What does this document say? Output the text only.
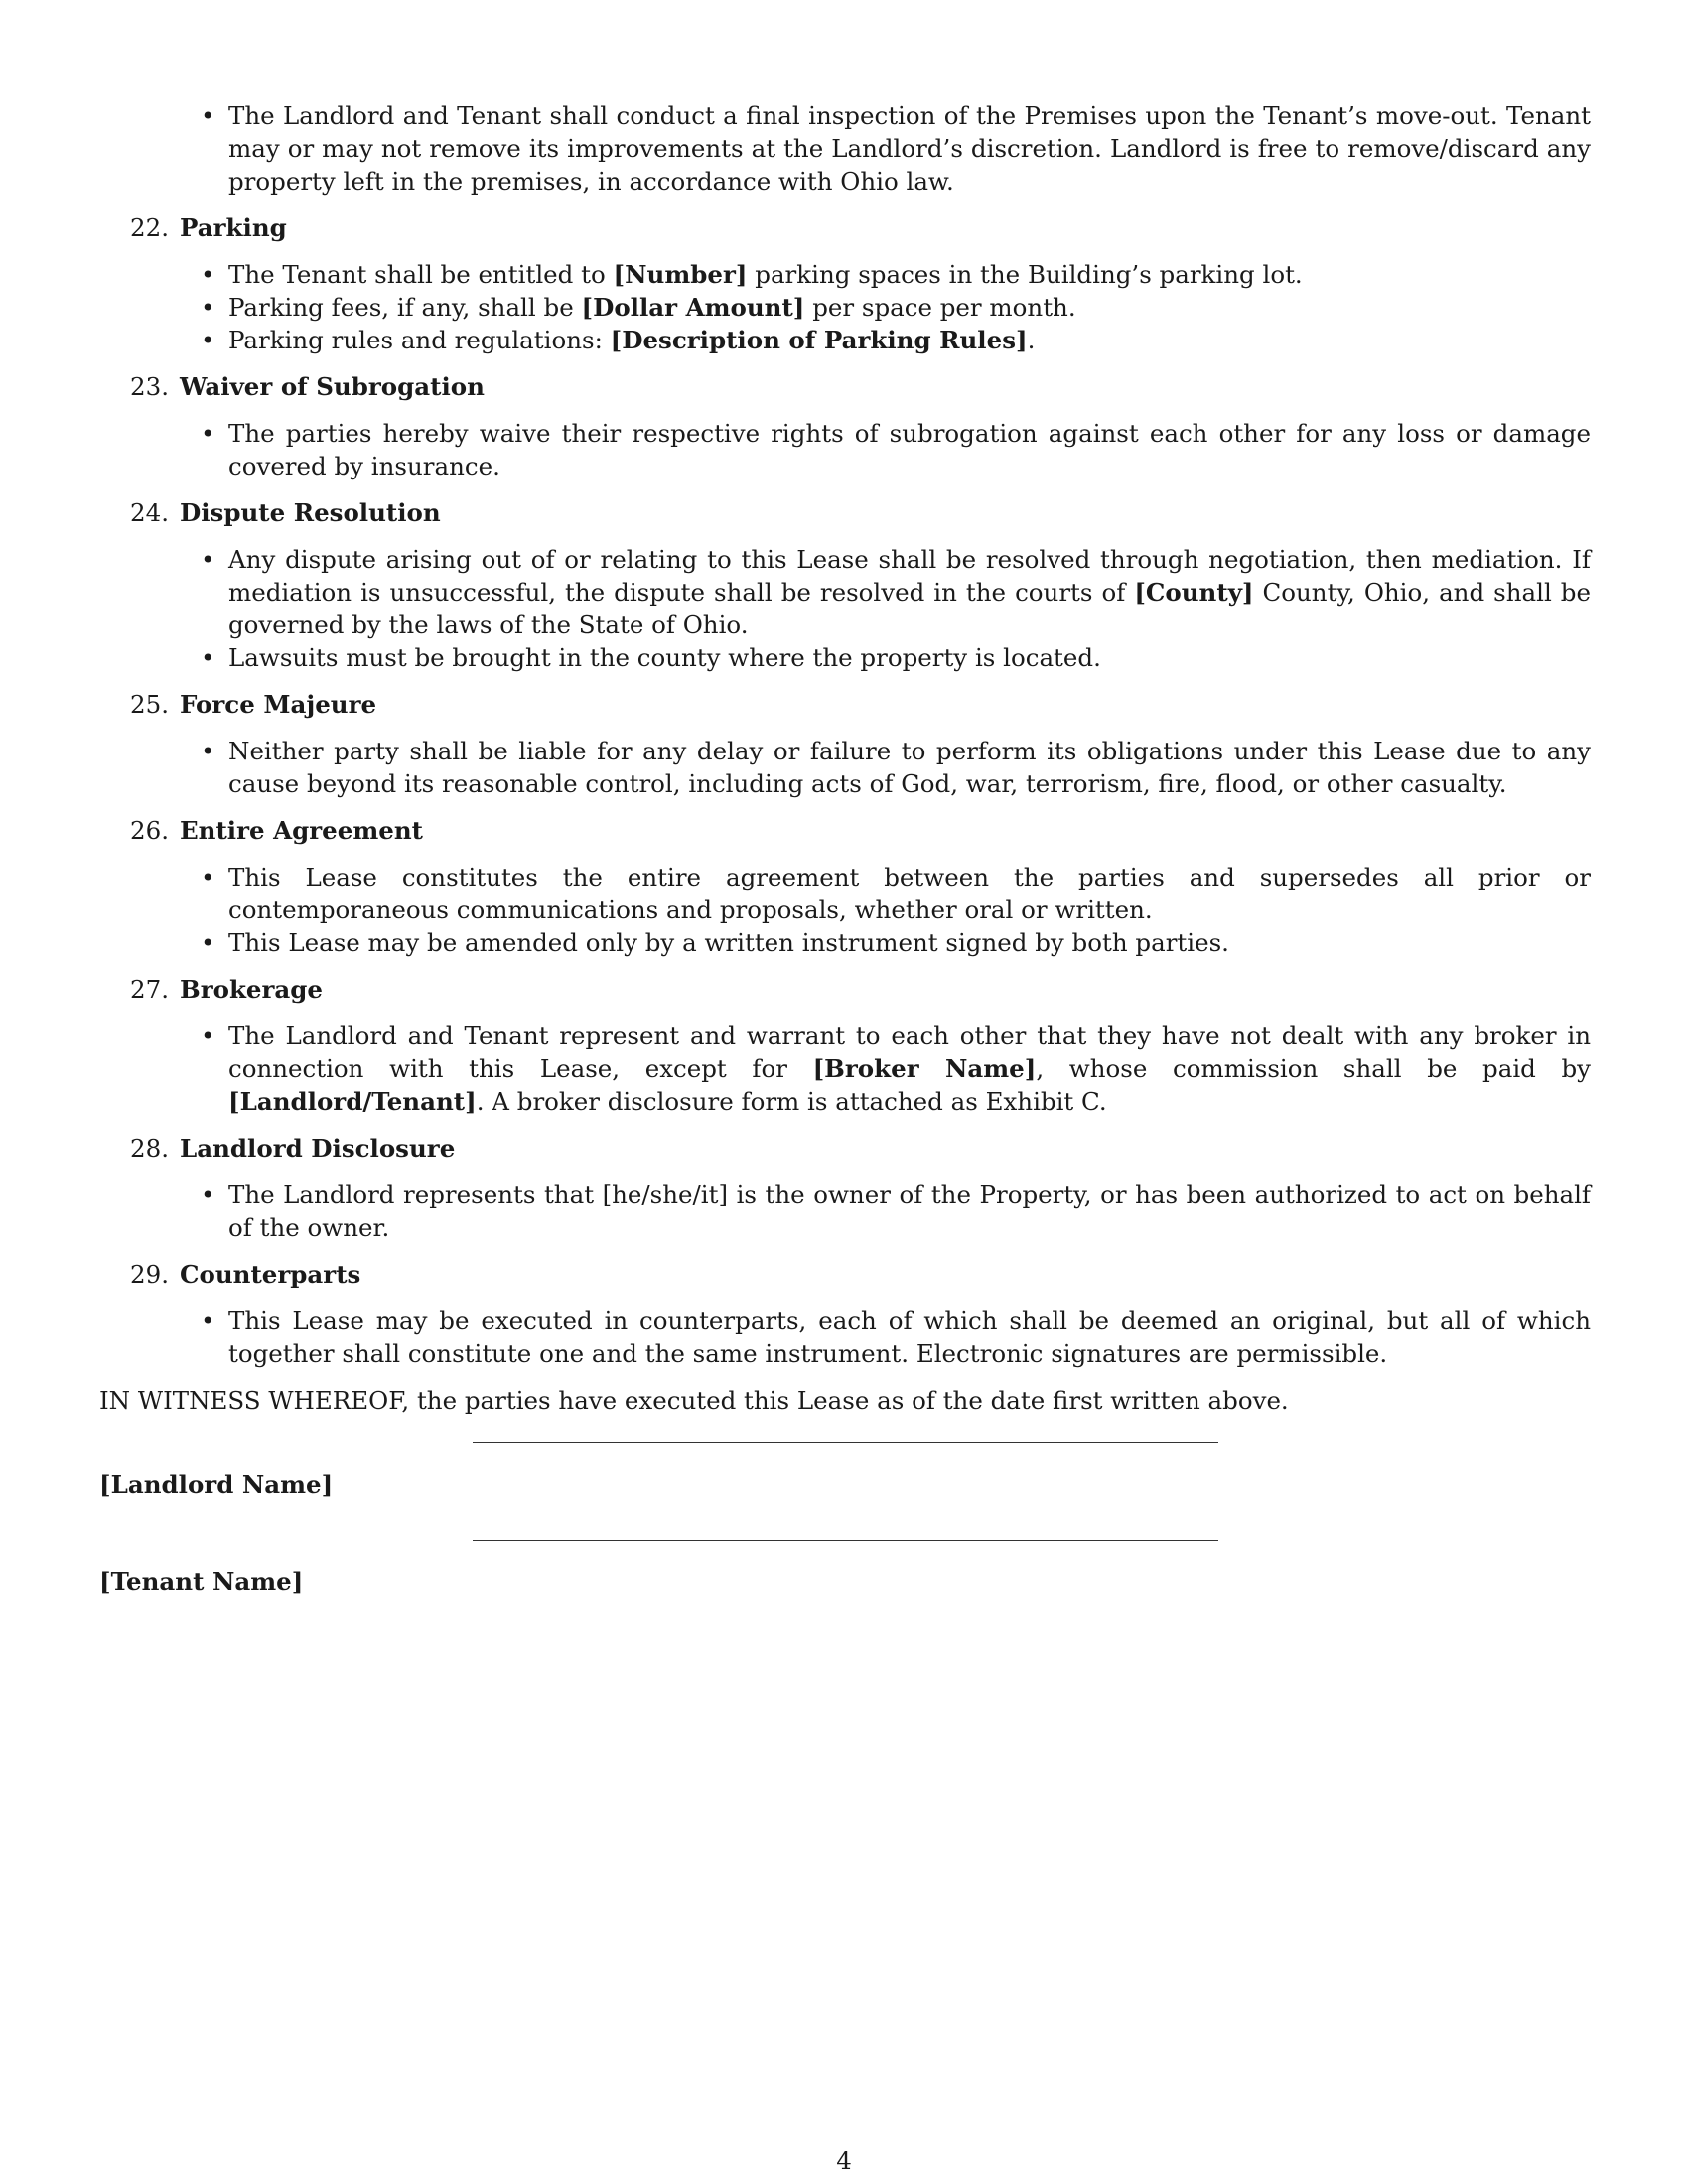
• The Landlord and Tenant shall conduct a final inspection of the Premises upon the Tenant’s move-out. Tenant may or may not remove its improvements at the Landlord’s discretion. Landlord is free to remove/discard any property left in the premises, in accordance with Ohio law.
22. Parking
• The Tenant shall be entitled to [Number] parking spaces in the Building’s parking lot.
• Parking fees, if any, shall be [Dollar Amount] per space per month.
• Parking rules and regulations: [Description of Parking Rules].
23. Waiver of Subrogation
• The parties hereby waive their respective rights of subrogation against each other for any loss or damage covered by insurance.
24. Dispute Resolution
• Any dispute arising out of or relating to this Lease shall be resolved through negotiation, then mediation. If mediation is unsuccessful, the dispute shall be resolved in the courts of [County] County, Ohio, and shall be governed by the laws of the State of Ohio.
• Lawsuits must be brought in the county where the property is located.
25. Force Majeure
• Neither party shall be liable for any delay or failure to perform its obligations under this Lease due to any cause beyond its reasonable control, including acts of God, war, terrorism, fire, flood, or other casualty.
26. Entire Agreement
• This Lease constitutes the entire agreement between the parties and supersedes all prior or contemporaneous communications and proposals, whether oral or written.
• This Lease may be amended only by a written instrument signed by both parties.
27. Brokerage
• The Landlord and Tenant represent and warrant to each other that they have not dealt with any broker in connection with this Lease, except for [Broker Name], whose commission shall be paid by [Landlord/Tenant]. A broker disclosure form is attached as Exhibit C.
28. Landlord Disclosure
• The Landlord represents that [he/she/it] is the owner of the Property, or has been authorized to act on behalf of the owner.
29. Counterparts
• This Lease may be executed in counterparts, each of which shall be deemed an original, but all of which together shall constitute one and the same instrument. Electronic signatures are permissible.
IN WITNESS WHEREOF, the parties have executed this Lease as of the date first written above.
[Landlord Name]
[Tenant Name]
4
